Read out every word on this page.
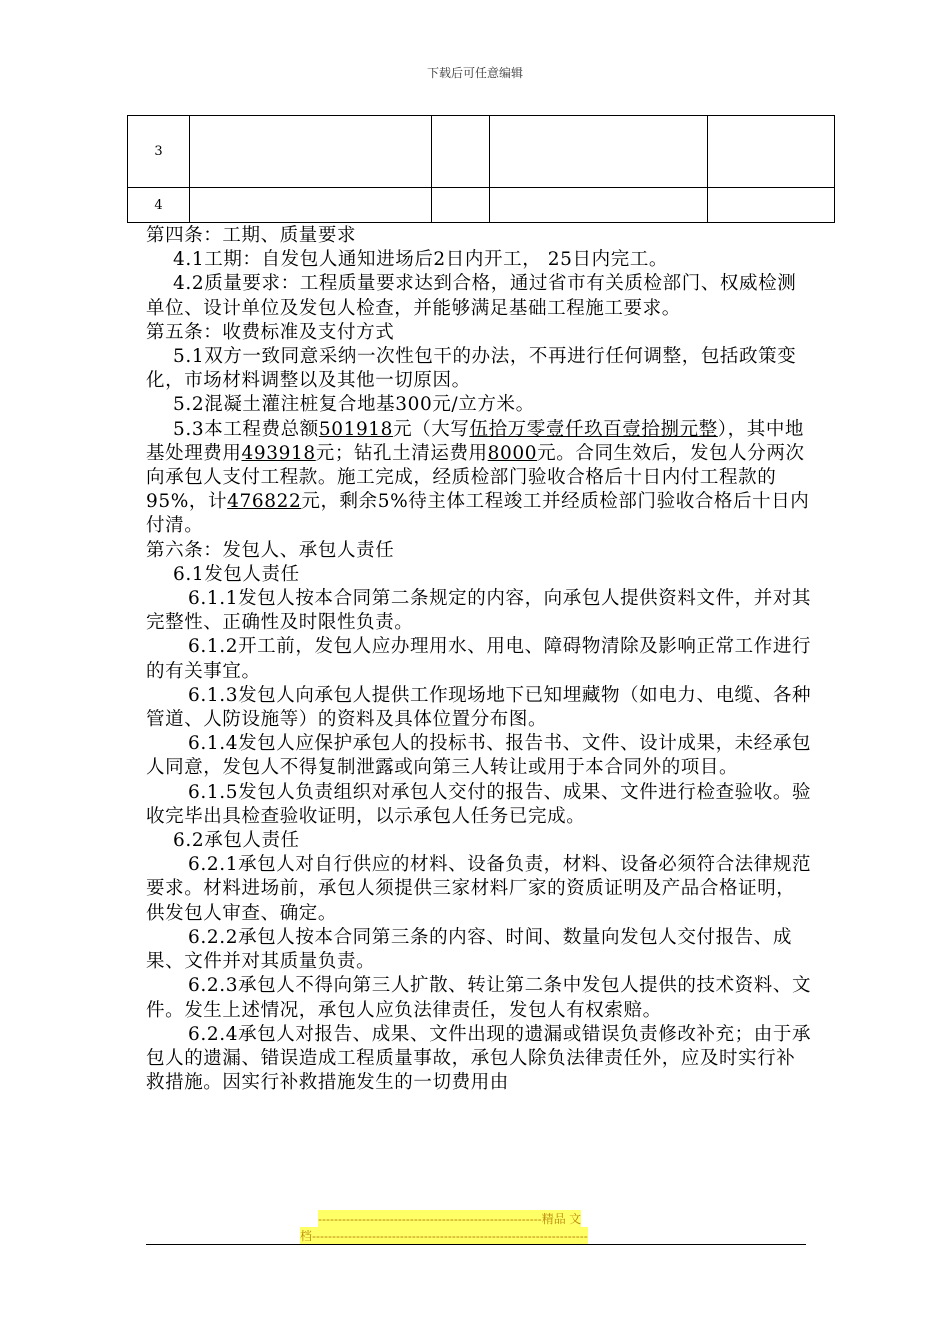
下载后可任意编辑
3				
4				

第四条：工期、质量要求

4.1工期：自发包人通知进场后2日内开工， 25日内完工。

4.2质量要求：工程质量要求达到合格，通过省市有关质检部门、权威检测单位、设计单位及发包人检查，并能够满足基础工程施工要求。

第五条：收费标准及支付方式

5.1双方一致同意采纳一次性包干的办法，不再进行任何调整，包括政策变化，市场材料调整以及其他一切原因。

5.2混凝土灌注桩复合地基300元/立方米。

5.3本工程费总额501918元（大写伍拾万零壹仟玖百壹拾捌元整），其中地基处理费用493918元；钻孔土清运费用8000元。合同生效后，发包人分两次向承包人支付工程款。施工完成，经质检部门验收合格后十日内付工程款的95%，计476822元，剩余5%待主体工程竣工并经质检部门验收合格后十日内付清。

第六条：发包人、承包人责任

6.1发包人责任

6.1.1发包人按本合同第二条规定的内容，向承包人提供资料文件，并对其完整性、正确性及时限性负责。

6.1.2开工前，发包人应办理用水、用电、障碍物清除及影响正常工作进行的有关事宜。

6.1.3发包人向承包人提供工作现场地下已知埋藏物（如电力、电缆、各种管道、人防设施等）的资料及具体位置分布图。

6.1.4发包人应保护承包人的投标书、报告书、文件、设计成果，未经承包人同意，发包人不得复制泄露或向第三人转让或用于本合同外的项目。

6.1.5发包人负责组织对承包人交付的报告、成果、文件进行检查验收。验收完毕出具检查验收证明，以示承包人任务已完成。

6.2承包人责任

6.2.1承包人对自行供应的材料、设备负责，材料、设备必须符合法律规范要求。材料进场前，承包人须提供三家材料厂家的资质证明及产品合格证明，供发包人审查、确定。

6.2.2承包人按本合同第三条的内容、时间、数量向发包人交付报告、成果、文件并对其质量负责。

6.2.3承包人不得向第三人扩散、转让第二条中发包人提供的技术资料、文件。发生上述情况，承包人应负法律责任，发包人有权索赔。

6.2.4承包人对报告、成果、文件出现的遗漏或错误负责修改补充；由于承包人的遗漏、错误造成工程质量事故，承包人除负法律责任外，应及时实行补救措施。因实行补救措施发生的一切费用由

--------------------------------------------------------精品 文
档---------------------------------------------------------------------
